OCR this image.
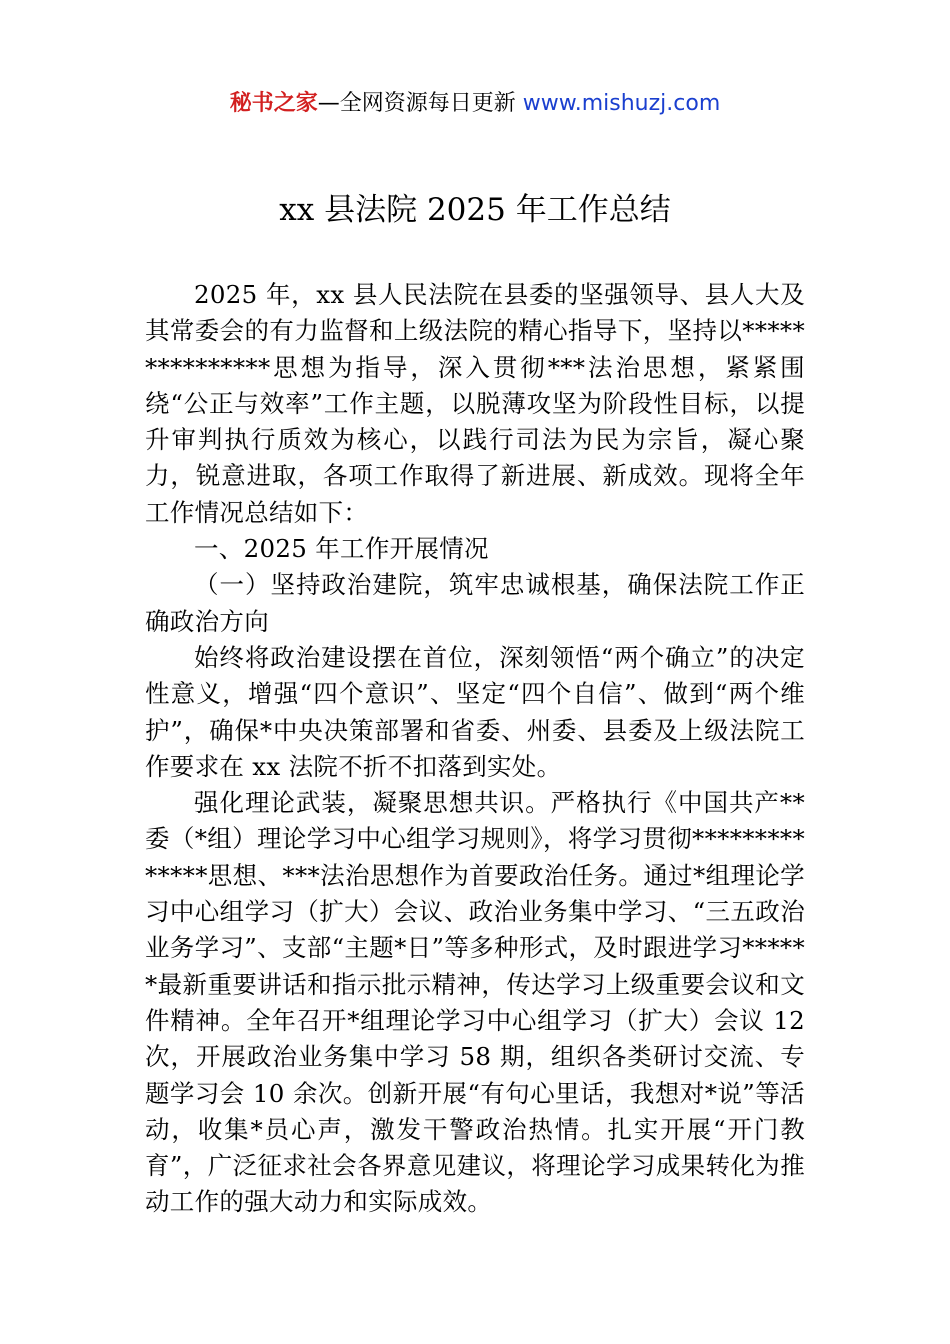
秘书之家—全网资源每日更新 www.mishuzj.com
xx 县法院 2025 年工作总结

2025 年，xx 县人民法院在县委的坚强领导、县人大及其常委会的有力监督和上级法院的精心指导下，坚持以***************思想为指导，深入贯彻***法治思想，紧紧围绕“公正与效率”工作主题，以脱薄攻坚为阶段性目标，以提升审判执行质效为核心，以践行司法为民为宗旨，凝心聚力，锐意进取，各项工作取得了新进展、新成效。现将全年工作情况总结如下：

一、2025 年工作开展情况

（一）坚持政治建院，筑牢忠诚根基，确保法院工作正确政治方向

始终将政治建设摆在首位，深刻领悟“两个确立”的决定性意义，增强“四个意识”、坚定“四个自信”、做到“两个维护”，确保*中央决策部署和省委、州委、县委及上级法院工作要求在 xx 法院不折不扣落到实处。

强化理论武装，凝聚思想共识。严格执行《中国共产**委（*组）理论学习中心组学习规则》，将学习贯彻**************思想、***法治思想作为首要政治任务。通过*组理论学习中心组学习（扩大）会议、政治业务集中学习、“三五政治业务学习”、支部“主题*日”等多种形式，及时跟进学习******最新重要讲话和指示批示精神，传达学习上级重要会议和文件精神。全年召开*组理论学习中心组学习（扩大）会议 12 次，开展政治业务集中学习 58 期，组织各类研讨交流、专题学习会 10 余次。创新开展“有句心里话，我想对*说”等活动，收集*员心声，激发干警政治热情。扎实开展“开门教育”，广泛征求社会各界意见建议，将理论学习成果转化为推动工作的强大动力和实际成效。
